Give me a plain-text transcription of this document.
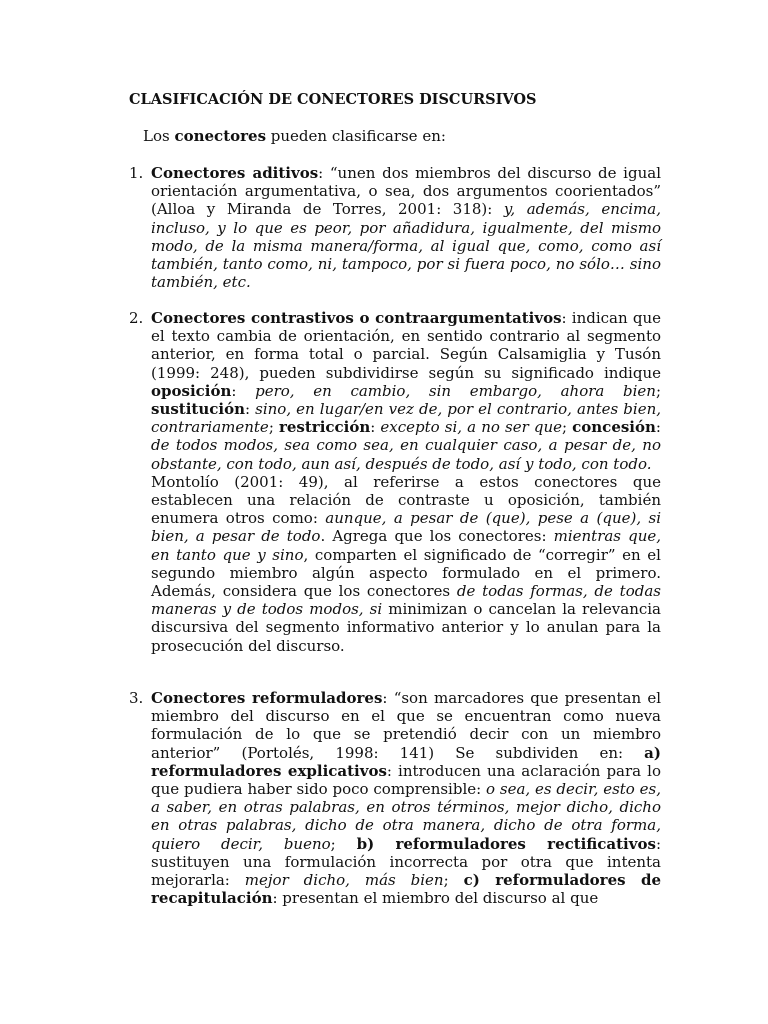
CLASIFICACIÓN DE CONECTORES DISCURSIVOS
Los conectores pueden clasificarse en:
1. Conectores aditivos: “unen dos miembros del discurso de igual orientación argumentativa, o sea, dos argumentos coorientados” (Alloa y Miranda de Torres, 2001: 318): y, además, encima, incluso, y lo que es peor, por añadidura, igualmente, del mismo modo, de la misma manera/forma, al igual que, como, como así también, tanto como, ni, tampoco, por si fuera poco, no sólo… sino también, etc.

2. Conectores contrastivos o contraargumentativos: indican que el texto cambia de orientación, en sentido contrario al segmento anterior, en forma total o parcial. Según Calsamiglia y Tusón (1999: 248), pueden subdividirse según su significado indique oposición: pero, en cambio, sin embargo, ahora bien; sustitución: sino, en lugar/en vez de, por el contrario, antes bien, contrariamente; restricción: excepto si, a no ser que; concesión: de todos modos, sea como sea, en cualquier caso, a pesar de, no obstante, con todo, aun así, después de todo, así y todo, con todo.

Montolío (2001: 49), al referirse a estos conectores que establecen una relación de contraste u oposición, también enumera otros como: aunque, a pesar de (que), pese a (que), si bien, a pesar de todo. Agrega que los conectores: mientras que, en tanto que y sino, comparten el significado de “corregir” en el segundo miembro algún aspecto formulado en el primero. Además, considera que los conectores de todas formas, de todas maneras y de todos modos, si minimizan o cancelan la relevancia discursiva del segmento informativo anterior y lo anulan para la prosecución del discurso.

3. Conectores reformuladores: “son marcadores que presentan el miembro del discurso en el que se encuentran como nueva formulación de lo que se pretendió decir con un miembro anterior” (Portolés, 1998: 141) Se subdividen en: a) reformuladores explicativos: introducen una aclaración para lo que pudiera haber sido poco comprensible: o sea, es decir, esto es, a saber, en otras palabras, en otros términos, mejor dicho, dicho en otras palabras, dicho de otra manera, dicho de otra forma, quiero decir, bueno; b) reformuladores rectificativos: sustituyen una formulación incorrecta por otra que intenta mejorarla: mejor dicho, más bien; c) reformuladores de recapitulación: presentan el miembro del discurso al que
